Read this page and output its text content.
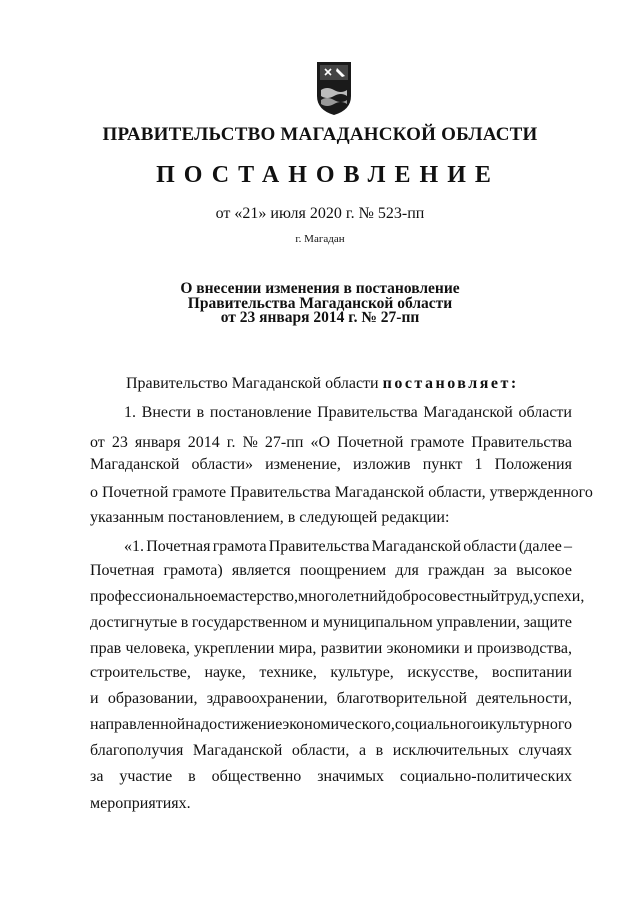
ПРАВИТЕЛЬСТВО МАГАДАНСКОЙ ОБЛАСТИ
ПОСТАНОВЛЕНИЕ
от «21» июля 2020 г. № 523-пп
г. Магадан
О внесении изменения в постановление
Правительства Магаданской области
от 23 января 2014 г. № 27-пп
Правительство Магаданской области постановляет:
1. Внести в постановление Правительства Магаданской области
от 23 января 2014 г. № 27-пп «О Почетной грамоте Правительства
Магаданской области» изменение, изложив пункт 1 Положения
о Почетной грамоте Правительства Магаданской области, утвержденного
указанным постановлением, в следующей редакции:
«1. Почетная грамота Правительства Магаданской области (далее –
Почетная грамота) является поощрением для граждан за высокое
профессиональное мастерство, многолетний добросовестный труд, успехи,
достигнутые в государственном и муниципальном управлении, защите
прав человека, укреплении мира, развитии экономики и производства,
строительстве, науке, технике, культуре, искусстве, воспитании
и образовании, здравоохранении, благотворительной деятельности,
направленной на достижение экономического, социального и культурного
благополучия Магаданской области, а в исключительных случаях
за участие в общественно значимых социально-политических
мероприятиях.
